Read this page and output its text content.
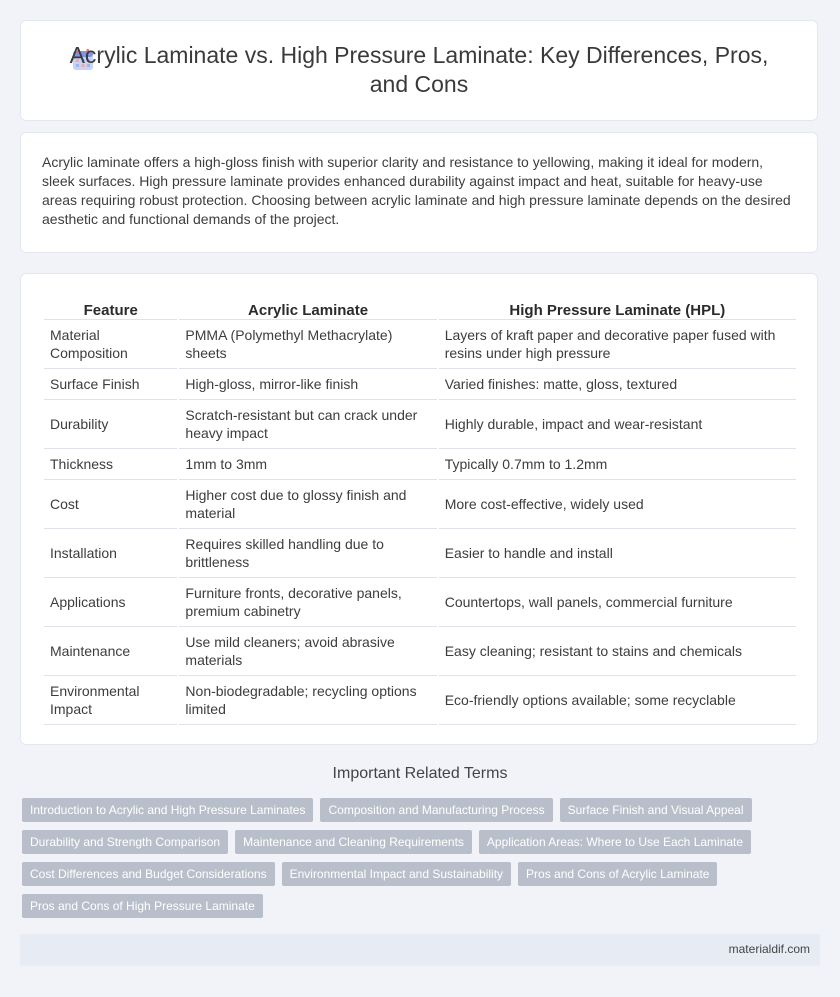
Acrylic Laminate vs. High Pressure Laminate: Key Differences, Pros, and Cons

Acrylic laminate offers a high-gloss finish with superior clarity and resistance to yellowing, making it ideal for modern, sleek surfaces. High pressure laminate provides enhanced durability against impact and heat, suitable for heavy-use areas requiring robust protection. Choosing between acrylic laminate and high pressure laminate depends on the desired aesthetic and functional demands of the project.

Feature	Acrylic Laminate	High Pressure Laminate (HPL)
Material Composition	PMMA (Polymethyl Methacrylate) sheets	Layers of kraft paper and decorative paper fused with resins under high pressure
Surface Finish	High-gloss, mirror-like finish	Varied finishes: matte, gloss, textured
Durability	Scratch-resistant but can crack under heavy impact	Highly durable, impact and wear-resistant
Thickness	1mm to 3mm	Typically 0.7mm to 1.2mm
Cost	Higher cost due to glossy finish and material	More cost-effective, widely used
Installation	Requires skilled handling due to brittleness	Easier to handle and install
Applications	Furniture fronts, decorative panels, premium cabinetry	Countertops, wall panels, commercial furniture
Maintenance	Use mild cleaners; avoid abrasive materials	Easy cleaning; resistant to stains and chemicals
Environmental Impact	Non-biodegradable; recycling options limited	Eco-friendly options available; some recyclable
Important Related Terms
Introduction to Acrylic and High Pressure Laminates	Composition and Manufacturing Process	Surface Finish and Visual Appeal
Durability and Strength Comparison	Maintenance and Cleaning Requirements	Application Areas: Where to Use Each Laminate
Cost Differences and Budget Considerations	Environmental Impact and Sustainability	Pros and Cons of Acrylic Laminate
Pros and Cons of High Pressure Laminate
materialdif.com
